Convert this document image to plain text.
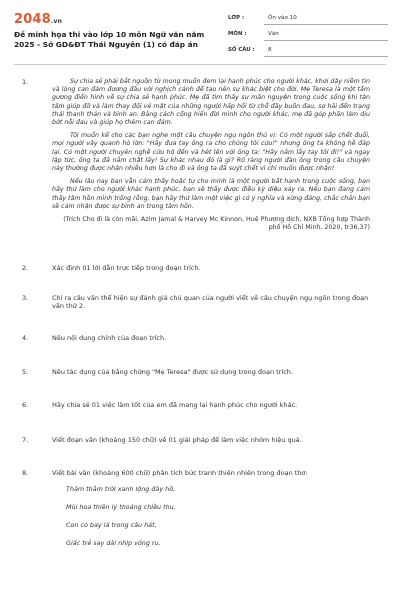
2048.vn
Đề minh họa thi vào lớp 10 môn Ngữ văn năm 2025 - Sở GD&ĐT Thái Nguyên (1) có đáp án
LỚP :	Ôn vào 10
MÔN :	Văn
SỐ CÂU : 8
1.	Sự chia sẻ phải bắt nguồn từ mong muốn đem lại hạnh phúc cho người khác, khơi dậy niềm tin và lòng can đảm đương đầu với nghịch cảnh để tạo nên sự khác biệt cho đời. Mẹ Teresa là một tấm gương điển hình về sự chia sẻ hạnh phúc. Mẹ đã tìm thấy sự mãn nguyện trong cuộc sống khi tận tâm giúp đỡ và làm thay đổi vẻ mặt của những người hấp hối từ chỗ đầy buồn đau, sợ hãi đến trạng thái thanh thản và bình an. Bằng cách cống hiến đời mình cho người khác, mẹ đã góp phần làm dịu bớt nỗi đau và giúp họ thêm can đảm.

Tôi muốn kể cho các bạn nghe một câu chuyện ngụ ngôn thú vị: Có một người sắp chết đuối, mọi người vây quanh hò lớn: "Hãy đưa tay ông ra cho chúng tôi cứu!" nhưng ông ta không hề đáp lại. Có một người chuyên nghề cứu hộ đến và hét lên với ông ta: "Hãy nắm lấy tay tôi đi!" và ngay lập tức, ông ta đã nắm chặt lấy! Sự khác nhau đó là gì? Rõ ràng người đàn ông trong câu chuyện này thường được nhận nhiều hơn là cho đi và ông ta đã suýt chết vì chỉ muốn được nhận!

Nếu lâu nay bạn vẫn cảm thấy hoặc tự cho mình là một người bất hạnh trong cuộc sống, bạn hãy thử làm cho người khác hạnh phúc, bạn sẽ thấy được điều kỳ diệu xảy ra. Nếu bạn đang cảm thấy tâm hồn mình trống rỗng, bạn hãy thử làm một việc gì có ý nghĩa và xứng đáng, chắc chắn bạn sẽ cảm nhận được sự bình an trong tâm hồn.

(Trích Cho đi là còn mãi, Azim Jamal & Harvey Mc Kinnon, Huệ Phương dịch, NXB Tổng hợp Thành phố Hồ Chí Minh, 2020, tr36,37)

2.	Xác định 01 lời dẫn trực tiếp trong đoạn trích.
3.	Chỉ ra câu văn thể hiện sự đánh giá chủ quan của người viết về câu chuyện ngụ ngôn trong đoạn văn thứ 2.
4.	Nêu nội dung chính của đoạn trích.
5.	Nêu tác dụng của bằng chứng "Mẹ Teresa" được sử dụng trong đoạn trích.
6.	Hãy chia sẻ 01 việc làm tốt của em đã mang lại hạnh phúc cho người khác.
7.	Viết đoạn văn (khoảng 150 chữ) về 01 giải pháp để làm việc nhóm hiệu quả.
8.	Viết bài văn (khoảng 600 chữ) phân tích bức tranh thiên nhiên trong đoạn thơ:

Thăm thẳm trời xanh lộng đáy hồ,

Mùi hoa thiên lý thoảng chiều thu.

Con cò bay lả trong câu hát,

Giấc trẻ say dài nhịp võng ru.
